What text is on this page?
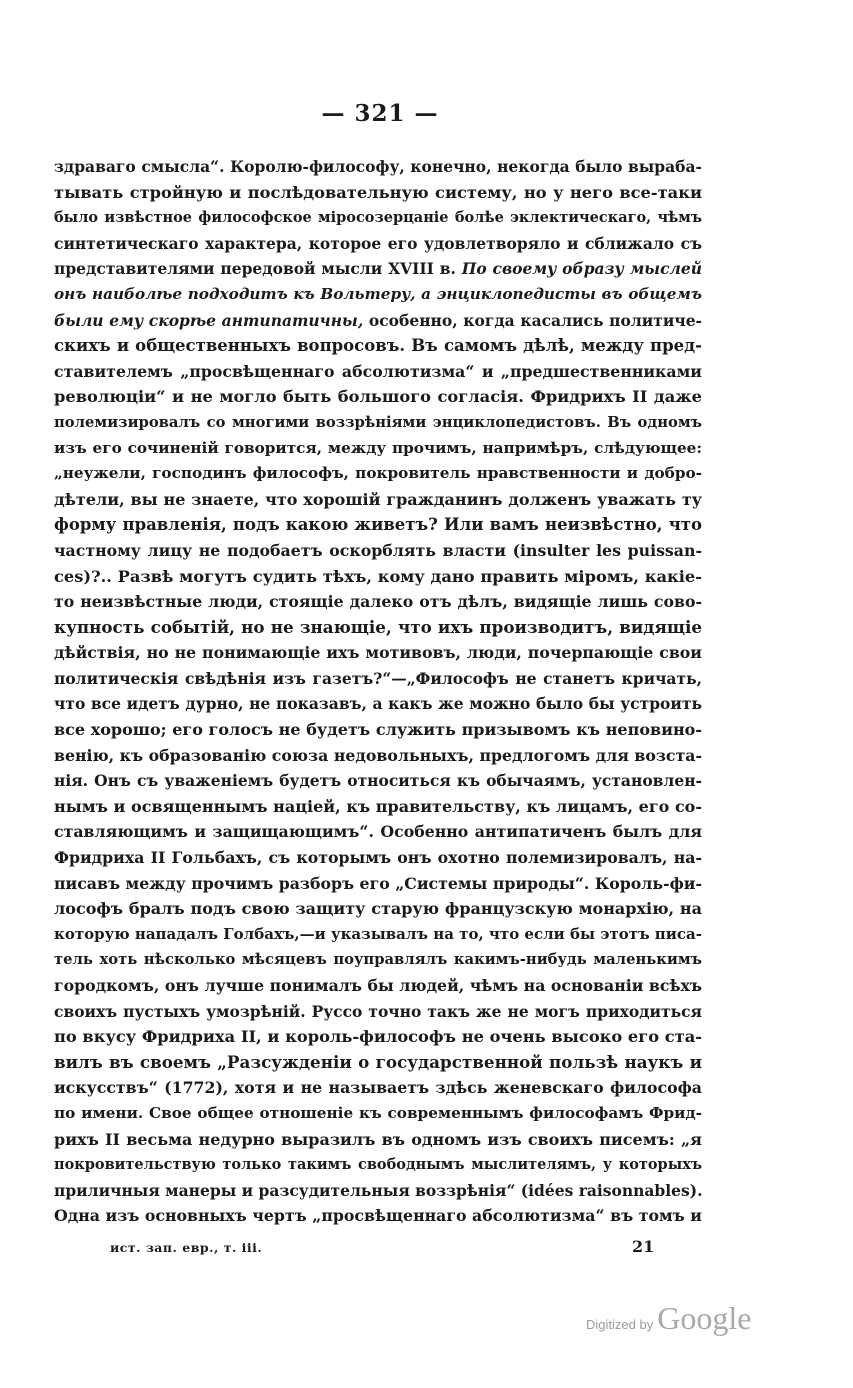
— 321 —
здраваго смысла“. Королю-философу, конечно, некогда было выраба-
тывать стройную и послѣдовательную систему, но у него все-таки
было извѣстное философское міросозерцаніе болѣе эклектическаго, чѣмъ
синтетическаго характера, которое его удовлетворяло и сближало съ
представителями передовой мысли XVIII в. По своему образу мыслей
онъ наиболѣе подходитъ къ Вольтеру, а энциклопедисты въ общемъ
были ему скорѣе антипатичны, особенно, когда касались политиче-
скихъ и общественныхъ вопросовъ. Въ самомъ дѣлѣ, между пред-
ставителемъ „просвѣщеннаго абсолютизма“ и „предшественниками
революціи“ и не могло быть большого согласія. Фридрихъ II даже
полемизировалъ со многими воззрѣніями энциклопедистовъ. Въ одномъ
изъ его сочиненій говорится, между прочимъ, напримѣръ, слѣдующее:
„неужели, господинъ философъ, покровитель нравственности и добро-
дѣтели, вы не знаете, что хорошій гражданинъ долженъ уважать ту
форму правленія, подъ какою живетъ? Или вамъ неизвѣстно, что
частному лицу не подобаетъ оскорблять власти (insulter les puissan-
ces)?.. Развѣ могутъ судить тѣхъ, кому дано править міромъ, какіе-
то неизвѣстные люди, стоящіе далеко отъ дѣлъ, видящіе лишь сово-
купность событій, но не знающіе, что ихъ производитъ, видящіе
дѣйствія, но не понимающіе ихъ мотивовъ, люди, почерпающіе свои
политическія свѣдѣнія изъ газетъ?“—„Философъ не станетъ кричать,
что все идетъ дурно, не показавъ, а какъ же можно было бы устроить
все хорошо; его голосъ не будетъ служить призывомъ къ неповино-
венію, къ образованію союза недовольныхъ, предлогомъ для возста-
нія. Онъ съ уваженіемъ будетъ относиться къ обычаямъ, установлен-
нымъ и освященнымъ націей, къ правительству, къ лицамъ, его со-
ставляющимъ и защищающимъ“. Особенно антипатиченъ былъ для
Фридриха II Гольбахъ, съ которымъ онъ охотно полемизировалъ, на-
писавъ между прочимъ разборъ его „Системы природы“. Король-фи-
лософъ бралъ подъ свою защиту старую французскую монархію, на
которую нападалъ Голбахъ,—и указывалъ на то, что если бы этотъ писа-
тель хоть нѣсколько мѣсяцевъ поуправлялъ какимъ-нибудь маленькимъ
городкомъ, онъ лучше понималъ бы людей, чѣмъ на основаніи всѣхъ
своихъ пустыхъ умозрѣній. Руссо точно такъ же не могъ приходиться
по вкусу Фридриха II, и король-философъ не очень высоко его ста-
вилъ въ своемъ „Разсужденіи о государственной пользѣ наукъ и
искусствъ“ (1772), хотя и не называетъ здѣсь женевскаго философа
по имени. Свое общее отношеніе къ современнымъ философамъ Фрид-
рихъ II весьма недурно выразилъ въ одномъ изъ своихъ писемъ: „я
покровительствую только такимъ свободнымъ мыслителямъ, у которыхъ
приличныя манеры и разсудительныя воззрѣнія“ (idées raisonnables).
Одна изъ основныхъ чертъ „просвѣщеннаго абсолютизма“ въ томъ и
ист. зап. евр., т. ііі.	21
Digitized by Google
